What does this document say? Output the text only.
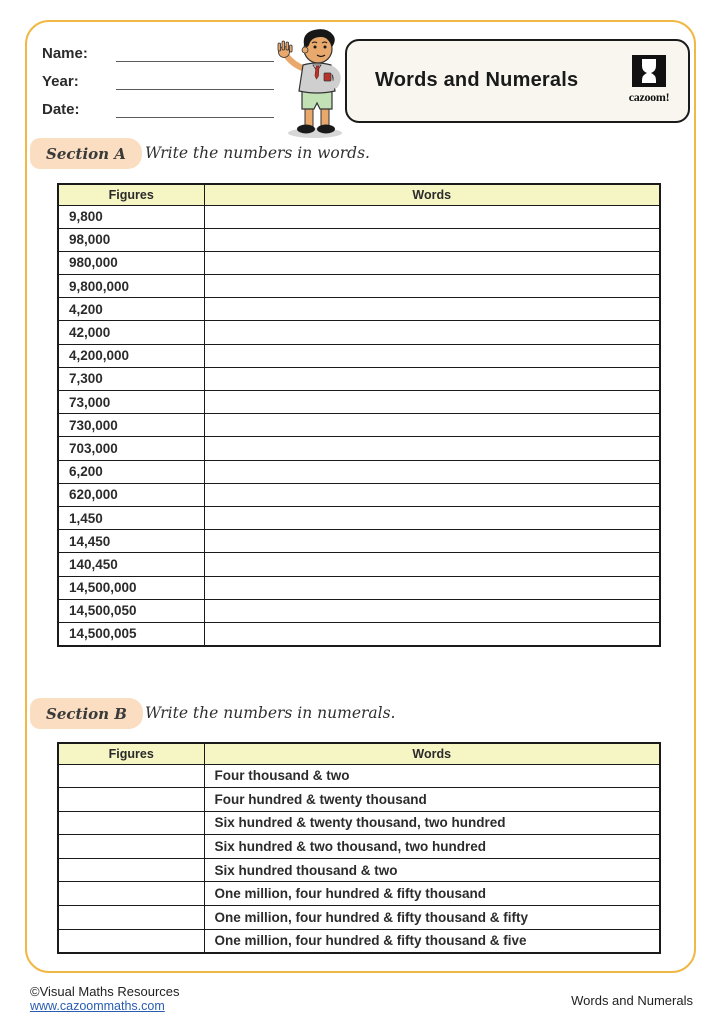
Name:
Year:
Date:
Words and Numerals
cazoom!
Section A	Write the numbers in words.
Figures	Words
9,800	
98,000	
980,000	
9,800,000	
4,200	
42,000	
4,200,000	
7,300	
73,000	
730,000	
703,000	
6,200	
620,000	
1,450	
14,450	
140,450	
14,500,000	
14,500,050	
14,500,005	
Section B	Write the numbers in numerals.
Figures	Words
	Four thousand & two
	Four hundred & twenty thousand
	Six hundred & twenty thousand, two hundred
	Six hundred & two thousand, two hundred
	Six hundred thousand & two
	One million, four hundred & fifty thousand
	One million, four hundred & fifty thousand & fifty
	One million, four hundred & fifty thousand & five
©Visual Maths Resources
www.cazoommaths.com	Words and Numerals
